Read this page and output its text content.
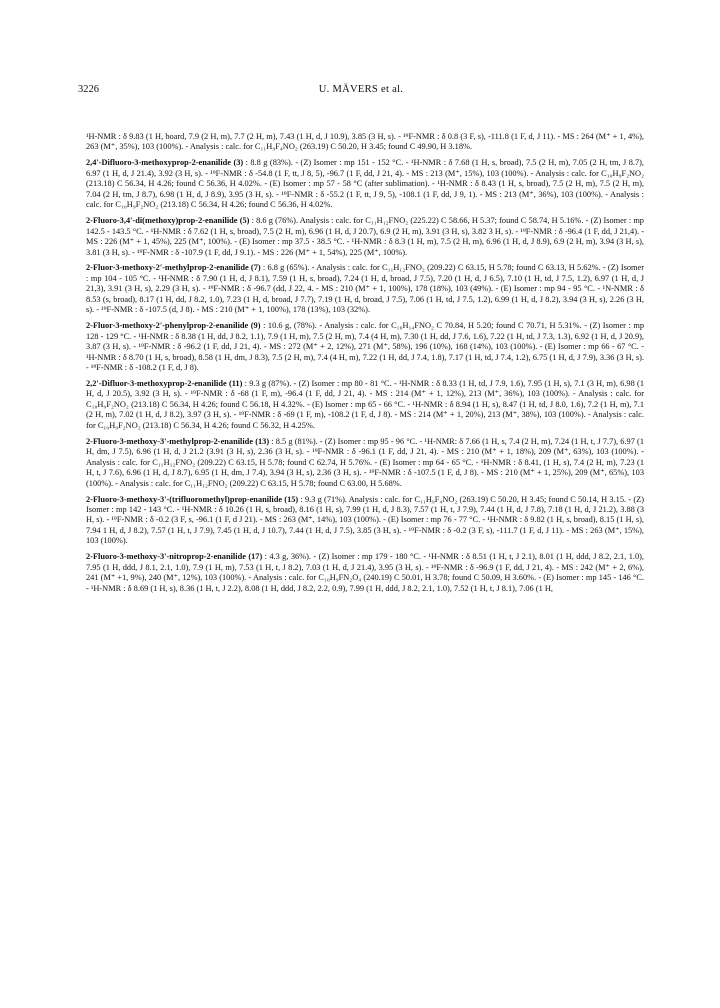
3226	U. MÄVERS et al.

¹H-NMR : δ 9.83 (1 H, board, 7.9 (2 H, m), 7.7 (2 H, m), 7.43 (1 H, d, J 10.9), 3.85 (3 H, s). - ¹⁹F-NMR : δ 0.8 (3 F, s), -111.8 (1 F, d, J 11). - MS : 264 (M⁺ + 1, 4%), 263 (M⁺, 35%), 103 (100%). - Analysis : calc. for C₁₁H₉F₄NO₂ (263.19) C 50.20, H 3.45; found C 49.90, H 3.18%.

2,4'-Difluoro-3-methoxyprop-2-enanilide (3) : 8.8 g (83%). - (Z) Isomer : mp 151 - 152 °C. - ¹H-NMR : δ 7.68 (1 H, s, broad), 7.5 (2 H, m), 7.05 (2 H, tm, J 8.7), 6.97 (1 H, d, J 21.4), 3.92 (3 H, s). - ¹⁹F-NMR : δ -54.8 (1 F, tt, J 8, 5), -96.7 (1 F, dd, J 21, 4). - MS : 213 (M⁺, 15%), 103 (100%). - Analysis : calc. for C₁₀H₉F₂NO₂ (213.18) C 56.34, H 4.26; found C 56.36, H 4.02%. - (E) Isomer : mp 57 - 58 °C (after sublimation). - ¹H-NMR : δ 8.43 (1 H, s, broad), 7.5 (2 H, m), 7.5 (2 H, m), 7.04 (2 H, tm, J 8.7), 6.98 (1 H, d, J 8.9), 3.95 (3 H, s). - ¹⁹F-NMR : δ -55.2 (1 F, tt, J 9, 5), -108.1 (1 F, dd, J 9, 1). - MS : 213 (M⁺, 36%), 103 (100%). - Analysis : calc. for C₁₀H₉F₂NO₂ (213.18) C 56.34, H 4.26; found C 56.36, H 4.02%.

2-Fluoro-3,4'-di(methoxy)prop-2-enanilide (5) : 8.6 g (76%). Analysis : calc. for C₁₁H₁₂FNO₂ (225.22) C 58.66, H 5.37; found C 58.74, H 5.16%. - (Z) Isomer : mp 142.5 - 143.5 °C. - ¹H-NMR : δ 7.62 (1 H, s, broad), 7.5 (2 H, m), 6.96 (1 H, d, J 20.7), 6.9 (2 H, m), 3.91 (3 H, s), 3.82 3 H, s). - ¹⁹F-NMR : δ -96.4 (1 F, dd, J 21,4). - MS : 226 (M⁺ + 1, 45%), 225 (M⁺, 100%). - (E) Isomer : mp 37.5 - 38.5 °C. - ¹H-NMR : δ 8.3 (1 H, m), 7.5 (2 H, m), 6.96 (1 H, d, J 8.9), 6.9 (2 H, m), 3.94 (3 H, s), 3.81 (3 H, s). - ¹⁹F-NMR : δ -107.9 (1 F, dd, J 9.1). - MS : 226 (M⁺ + 1, 54%), 225 (M⁺, 100%).

2-Fluor-3-methoxy-2'-methylprop-2-enanilide (7) : 6.8 g (65%). - Analysis : calc. for C₁₁H₁₂FNO₂ (209.22) C 63.15, H 5.78; found C 63.13, H 5.62%. - (Z) Isomer : mp 104 - 105 °C. - ¹H-NMR : δ 7.90 (1 H, d, J 8.1), 7.59 (1 H, s, broad), 7.24 (1 H, d, broad, J 7.5), 7.20 (1 H, d, J 6.5), 7.10 (1 H, td, J 7.5, 1.2), 6.97 (1 H, d, J 21,3), 3.91 (3 H, s), 2.29 (3 H, s). - ¹⁹F-NMR : δ -96.7 (dd, J 22, 4. - MS : 210 (M⁺ + 1, 100%), 178 (18%), 103 (49%). - (E) Isomer : mp 94 - 95 °C. - ¹N-NMR : δ 8.53 (s, broad), 8.17 (1 H, dd, J 8.2, 1.0), 7.23 (1 H, d, broad, J 7.7), 7.19 (1 H, d, broad, J 7.5), 7.06 (1 H, td, J 7.5, 1.2), 6.99 (1 H, d, J 8.2), 3.94 (3 H, s), 2.26 (3 H, s). - ¹⁹F-NMR : δ -107.5 (d, J 8). - MS : 210 (M⁺ + 1, 100%), 178 (13%), 103 (32%).

2-Fluor-3-methoxy-2'-phenylprop-2-enanilide (9) : 10.6 g, (78%). - Analysis : calc. for C₁₆H₁₄FNO₂ C 70.84, H 5.20; found C 70.71, H 5.31%. - (Z) Isomer : mp 128 - 129 °C. - ¹H-NMR : δ 8.38 (1 H, dd, J 8.2, 1.1), 7.9 (1 H, m), 7.5 (2 H, m), 7.4 (4 H, m), 7.30 (1 H, dd, J 7.6, 1.6), 7.22 (1 H, td, J 7.3, 1.3), 6.92 (1 H, d, J 20.9), 3.87 (3 H, s). - ¹⁹F-NMR : δ -96.2 (1 F, dd, J 21, 4). - MS : 272 (M⁺ + 2, 12%), 271 (M⁺, 58%), 196 (10%), 168 (14%), 103 (100%). - (E) Isomer : mp 66 - 67 °C. - ¹H-NMR : δ 8.70 (1 H, s, broad), 8.58 (1 H, dm, J 8.3), 7.5 (2 H, m), 7.4 (4 H, m), 7.22 (1 H, dd, J 7.4, 1.8), 7.17 (1 H, td, J 7.4, 1.2), 6.75 (1 H, d, J 7.9), 3.36 (3 H, s). - ¹⁹F-NMR : δ -108.2 (1 F, d, J 8).

2,2'-Difluor-3-methoxyprop-2-enanilide (11) : 9.3 g (87%). - (Z) Isomer : mp 80 - 81 °C. - ¹H-NMR : δ 8.33 (1 H, td, J 7.9, 1.6), 7.95 (1 H, s), 7.1 (3 H, m), 6.98 (1 H, d, J 20.5), 3.92 (3 H, s). - ¹⁹F-NMR : δ -68 (1 F, m), -96.4 (1 F, dd, J 21, 4). - MS : 214 (M⁺ + 1, 12%), 213 (M⁺, 36%), 103 (100%). - Analysis : calc. for C₁₀H₉F₂NO₂ (213.18) C 56.34, H 4.26; found C 56.18, H 4.32%. - (E) Isomer : mp 65 - 66 °C. - ¹H-NMR : δ 8.94 (1 H, s), 8.47 (1 H, td, J 8.0, 1.6), 7.2 (1 H, m), 7.1 (2 H, m), 7.02 (1 H, d, J 8.2), 3.97 (3 H, s). - ¹⁹F-NMR : δ -69 (1 F, m), -108.2 (1 F, d, J 8). - MS : 214 (M⁺ + 1, 20%), 213 (M⁺, 38%), 103 (100%). - Analysis : calc. for C₁₀H₉F₂NO₂ (213.18) C 56.34, H 4.26; found C 56.32, H 4.25%.

2-Fluoro-3-methoxy-3'-methylprop-2-enanilide (13) : 8.5 g (81%). - (Z) Isomer : mp 95 - 96 °C. - ¹H-NMR: δ 7.66 (1 H, s, 7.4 (2 H, m), 7.24 (1 H, t, J 7.7), 6.97 (1 H, dm, J 7.5), 6.96 (1 H, d, J 21.2 (3.91 (3 H, s), 2.36 (3 H, s). - ¹⁹F-NMR : δ -96.1 (1 F, dd, J 21, 4). - MS : 210 (M⁺ + 1, 18%), 209 (M⁺, 63%), 103 (100%). - Analysis : calc. for C₁₁H₁₂FNO₂ (209.22) C 63.15, H 5.78; found C 62.74, H 5.76%. - (E) Isomer : mp 64 - 65 °C. - ¹H-NMR : δ 8.41, (1 H, s), 7.4 (2 H, m), 7.23 (1 H, t, J 7.6), 6.96 (1 H, d, J 8.7), 6.95 (1 H, dm, J 7.4), 3.94 (3 H, s), 2.36 (3 H, s). - ¹⁹F-NMR : δ -107.5 (1 F, d, J 8). - MS : 210 (M⁺ + 1, 25%), 209 (M⁺, 65%), 103 (100%). - Analysis : calc. for C₁₁H₁₂FNO₂ (209.22) C 63.15, H 5.78; found C 63.00, H 5.68%.

2-Fluoro-3-methoxy-3'-(trifluoromethyl)prop-enanilide (15) : 9.3 g (71%). Analysis : calc. for C₁₁H₉F₄NO₂ (263.19) C 50.20, H 3.45; found C 50.14, H 3.15. - (Z) Isomer : mp 142 - 143 °C. - ¹H-NMR : δ 10.26 (1 H, s, broad), 8.16 (1 H, s), 7.99 (1 H, d, J 8.3), 7.57 (1 H, t, J 7.9), 7.44 (1 H, d, J 7.8), 7.18 (1 H, d, J 21.2), 3.88 (3 H, s). - ¹⁹F-NMR : δ -0.2 (3 F, s, -96.1 (1 F, d J 21). - MS : 263 (M⁺, 14%), 103 (100%). - (E) Isomer : mp 76 - 77 °C. - ¹H-NMR : δ 9.82 (1 H, s, broad), 8.15 (1 H, s), 7.94 1 H, d, J 8.2), 7.57 (1 H, t, J 7.9), 7.45 (1 H, d, J 10.7), 7.44 (1 H, d, J 7.5), 3.85 (3 H, s). - ¹⁹F-NMR : δ -0.2 (3 F, s), -111.7 (1 F, d, J 11). - MS : 263 (M⁺, 15%), 103 (100%).

2-Fluoro-3-methoxy-3'-nitroprop-2-enanilide (17) : 4.3 g, 36%). - (Z) Isomer : mp 179 - 180 °C. - ¹H-NMR : δ 8.51 (1 H, t, J 2.1), 8.01 (1 H, ddd, J 8.2, 2.1, 1.0), 7.95 (1 H, ddd, J 8.1, 2.1, 1.0), 7.9 (1 H, m), 7.53 (1 H, t, J 8.2), 7.03 (1 H, d, J 21.4), 3.95 (3 H, s). - ¹⁹F-NMR : δ -96.9 (1 F, dd, J 21, 4). - MS : 242 (M⁺ + 2, 6%), 241 (M⁺ +1, 9%), 240 (M⁺, 12%), 103 (100%). - Analysis : calc. for C₁₀H₉FN₂O₄ (240.19) C 50.01, H 3.78; found C 50.09, H 3.60%. - (E) Isomer : mp 145 - 146 °C. - ¹H-NMR : δ 8.69 (1 H, s), 8.36 (1 H, t, J 2.2), 8.08 (1 H, ddd, J 8.2, 2.2, 0.9), 7.99 (1 H, ddd, J 8.2, 2.1, 1.0), 7.52 (1 H, t, J 8.1), 7.06 (1 H,
